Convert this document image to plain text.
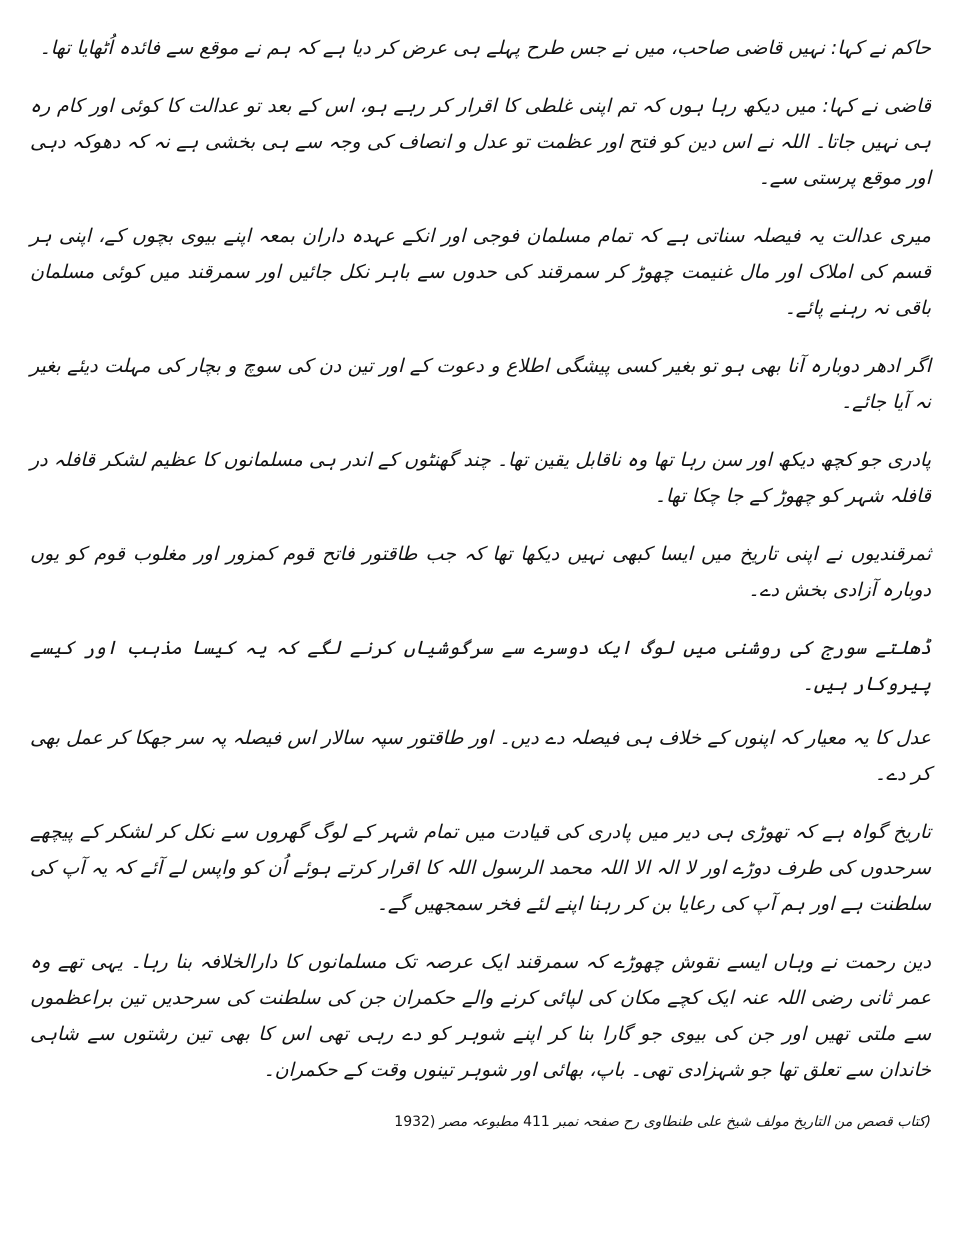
حاکم نے کہا: نہیں قاضی صاحب، میں نے جس طرح پہلے ہی عرض کر دیا ہے کہ ہم نے موقع سے فائدہ اُٹھایا تھا۔

قاضی نے کہا: میں دیکھ رہا ہوں کہ تم اپنی غلطی کا اقرار کر رہے ہو، اس کے بعد تو عدالت کا کوئی اور کام رہ ہی نہیں جاتا۔ اللہ نے اس دین کو فتح اور عظمت تو عدل و انصاف کی وجہ سے ہی بخشی ہے نہ کہ دھوکہ دہی اور موقع پرستی سے۔

میری عدالت یہ فیصلہ سناتی ہے کہ تمام مسلمان فوجی اور انکے عہدہ داران بمعہ اپنے بیوی بچوں کے، اپنی ہر قسم کی املاک اور مال غنیمت چھوڑ کر سمرقند کی حدوں سے باہر نکل جائیں اور سمرقند میں کوئی مسلمان باقی نہ رہنے پائے۔

اگر ادھر دوبارہ آنا بھی ہو تو بغیر کسی پیشگی اطلاع و دعوت کے اور تین دن کی سوچ و بچار کی مہلت دیئے بغیر نہ آیا جائے۔

پادری جو کچھ دیکھ اور سن رہا تھا وہ ناقابل یقین تھا۔ چند گھنٹوں کے اندر ہی مسلمانوں کا عظیم لشکر قافلہ در قافلہ شہر کو چھوڑ کے جا چکا تھا۔

ثمرقندیوں نے اپنی تاریخ میں ایسا کبھی نہیں دیکھا تھا کہ جب طاقتور فاتح قوم کمزور اور مغلوب قوم کو یوں دوبارہ آزادی بخش دے۔

ڈھلتے سورج کی روشنی میں لوگ ایک دوسرے سے سرگوشیاں کرنے لگے کہ یہ کیسا مذہب اور کیسے پیروکار ہیں۔

عدل کا یہ معیار کہ اپنوں کے خلاف ہی فیصلہ دے دیں۔ اور طاقتور سپہ سالار اس فیصلہ پہ سر جھکا کر عمل بھی کر دے۔

تاریخ گواہ ہے کہ تھوڑی ہی دیر میں پادری کی قیادت میں تمام شہر کے لوگ گھروں سے نکل کر لشکر کے پیچھے سرحدوں کی طرف دوڑے اور لا الہ الا اللہ محمد الرسول اللہ کا اقرار کرتے ہوئے اُن کو واپس لے آئے کہ یہ آپ کی سلطنت ہے اور ہم آپ کی رعایا بن کر رہنا اپنے لئے فخر سمجھیں گے۔

دین رحمت نے وہاں ایسے نقوش چھوڑے کہ سمرقند ایک عرصہ تک مسلمانوں کا دارالخلافہ بنا رہا۔ یہی تھے وہ عمر ثانی رضی اللہ عنہ ایک کچے مکان کی لپائی کرنے والے حکمران جن کی سلطنت کی سرحدیں تین براعظموں سے ملتی تھیں اور جن کی بیوی جو گارا بنا کر اپنے شوہر کو دے رہی تھی اس کا بھی تین رشتوں سے شاہی خاندان سے تعلق تھا جو شہزادی تھی۔ باپ، بھائی اور شوہر تینوں وقت کے حکمران۔

(کتاب قصص من التاریخ مولف شیخ علی طنطاوی رح صفحہ نمبر 411 مطبوعہ مصر 1932)
